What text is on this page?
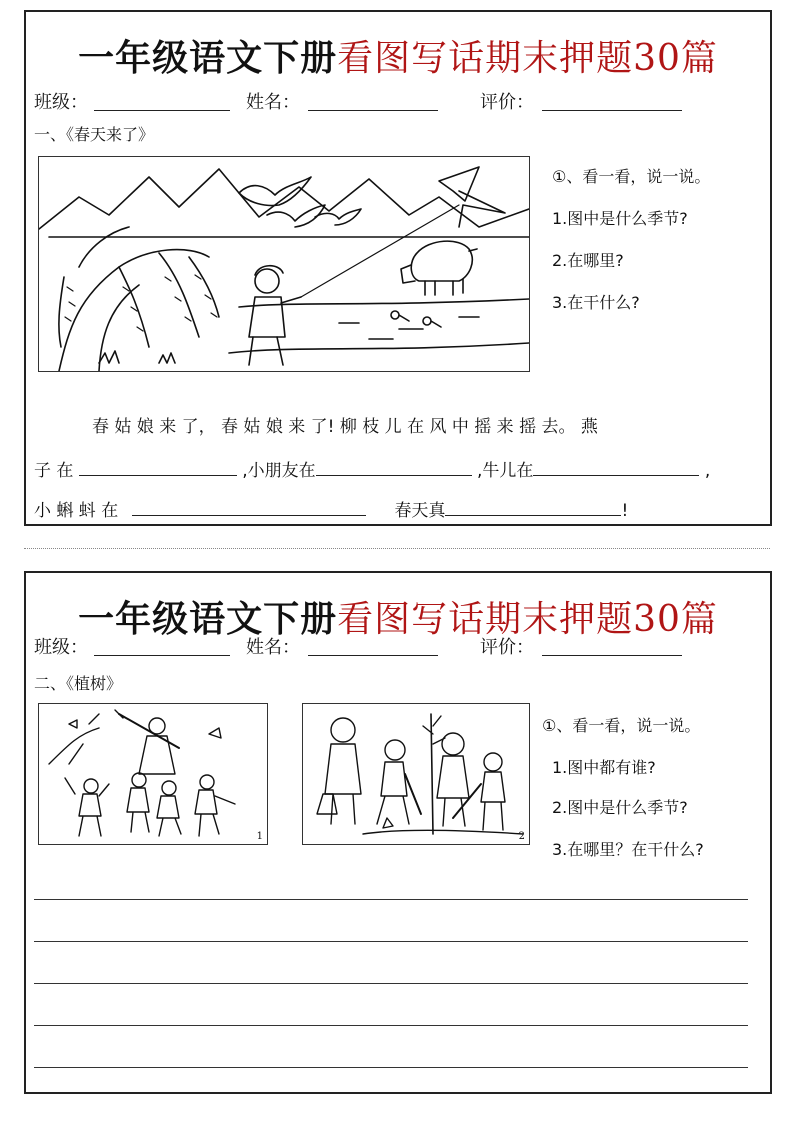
一年级语文下册看图写话期末押题30篇
班级：	姓名：	评价：
一、《春天来了》
①、看一看，说一说。
1.图中是什么季节?
2.在哪里?
3.在干什么?
春 姑 娘 来 了， 春 姑 娘 来 了! 柳 枝 儿 在 风 中 摇 来 摇 去。 燕
子 在	,小朋友在	,牛儿在	,
小 蝌 蚪 在	春天真	!
一年级语文下册看图写话期末押题30篇
班级：	姓名：	评价：
二、《植树》
1	2
①、看一看，说一说。
1.图中都有谁?
2.图中是什么季节?
3.在哪里？在干什么?
